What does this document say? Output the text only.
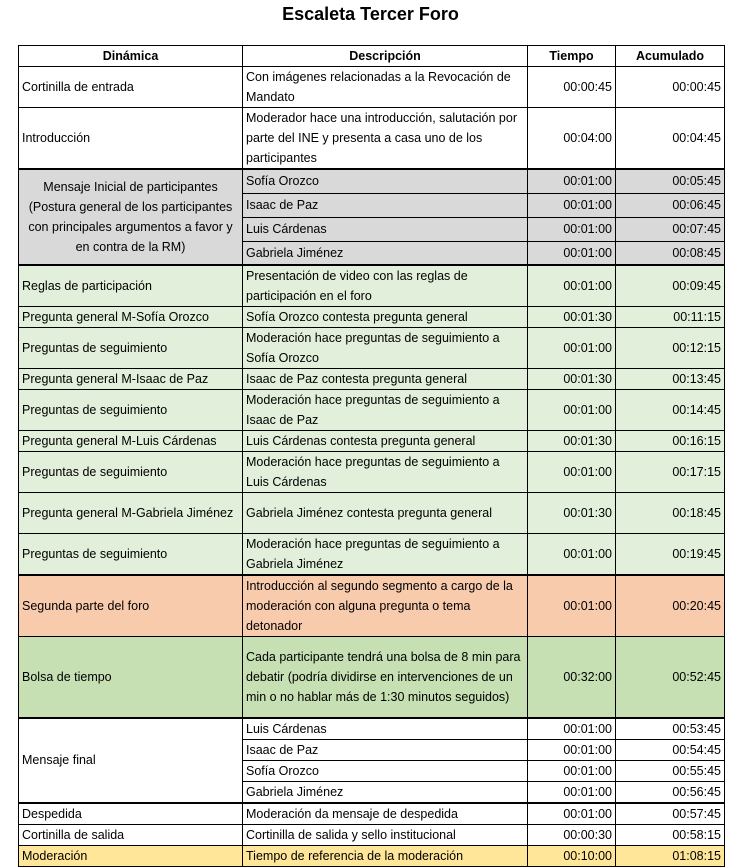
Escaleta Tercer Foro
Dinámica	Descripción	Tiempo	Acumulado
Cortinilla de entrada	Con imágenes relacionadas a la Revocación de Mandato	00:00:45	00:00:45
Introducción	Moderador hace una introducción, salutación por parte del INE y presenta a casa uno de los participantes	00:04:00	00:04:45
Mensaje Inicial de participantes (Postura general de los participantes con principales argumentos a favor y en contra de la RM)	Sofía Orozco	00:01:00	00:05:45
	Isaac de Paz	00:01:00	00:06:45
	Luis Cárdenas	00:01:00	00:07:45
	Gabriela Jiménez	00:01:00	00:08:45
Reglas de participación	Presentación de video con las reglas de participación en el foro	00:01:00	00:09:45
Pregunta general M-Sofía Orozco	Sofía Orozco contesta pregunta general	00:01:30	00:11:15
Preguntas de seguimiento	Moderación hace preguntas de seguimiento a Sofía Orozco	00:01:00	00:12:15
Pregunta general M-Isaac de Paz	Isaac de Paz contesta pregunta general	00:01:30	00:13:45
Preguntas de seguimiento	Moderación hace preguntas de seguimiento a Isaac de Paz	00:01:00	00:14:45
Pregunta general M-Luis Cárdenas	Luis Cárdenas contesta pregunta general	00:01:30	00:16:15
Preguntas de seguimiento	Moderación hace preguntas de seguimiento a Luis Cárdenas	00:01:00	00:17:15
Pregunta general M-Gabriela Jiménez	Gabriela Jiménez contesta pregunta general	00:01:30	00:18:45
Preguntas de seguimiento	Moderación hace preguntas de seguimiento a Gabriela Jiménez	00:01:00	00:19:45
Segunda parte del foro	Introducción al segundo segmento a cargo de la moderación con alguna pregunta o tema detonador	00:01:00	00:20:45
Bolsa de tiempo	Cada participante tendrá una bolsa de 8 min para debatir (podría dividirse en intervenciones de un min o no hablar más de 1:30 minutos seguidos)	00:32:00	00:52:45
Mensaje final	Luis Cárdenas	00:01:00	00:53:45
	Isaac de Paz	00:01:00	00:54:45
	Sofía Orozco	00:01:00	00:55:45
	Gabriela Jiménez	00:01:00	00:56:45
Despedida	Moderación da mensaje de despedida	00:01:00	00:57:45
Cortinilla de salida	Cortinilla de salida y sello institucional	00:00:30	00:58:15
Moderación	Tiempo de referencia de la moderación	00:10:00	01:08:15
